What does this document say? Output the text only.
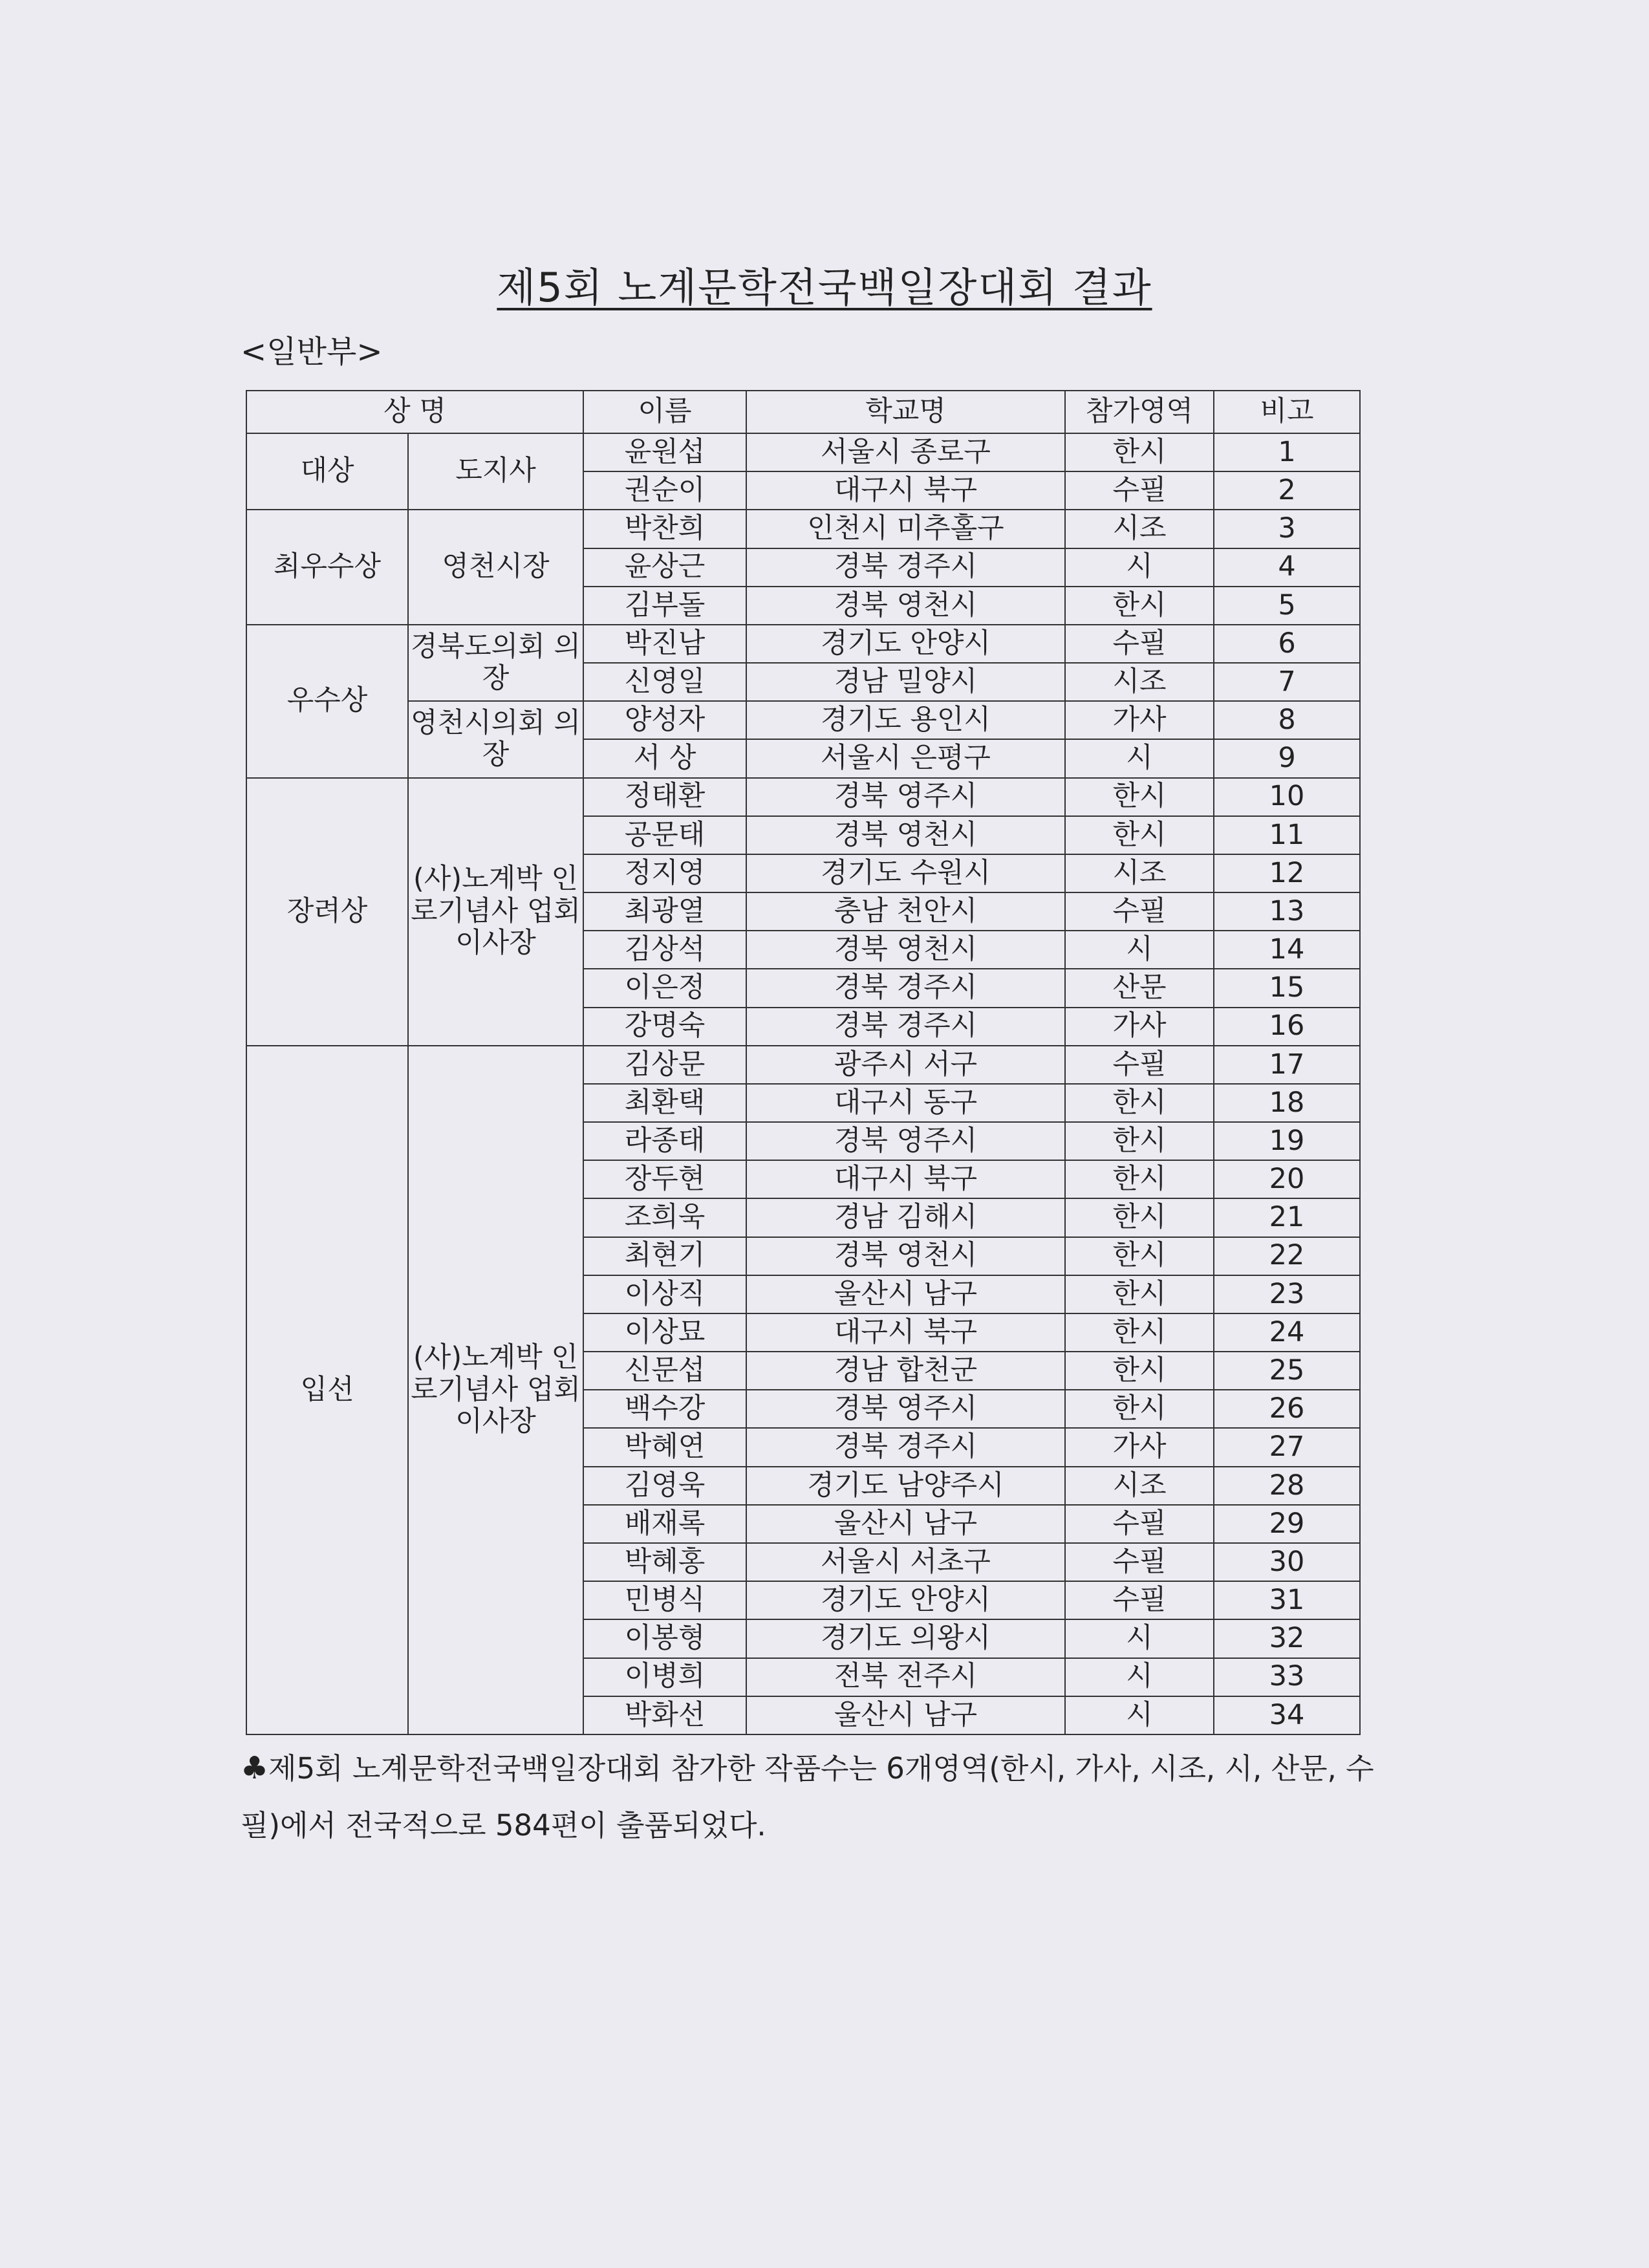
제5회 노계문학전국백일장대회 결과
<일반부>
상 명		이름	학교명	참가영역	비고
대상	도지사	윤원섭	서울시 종로구	한시	1
		권순이	대구시 북구	수필	2
최우수상	영천시장	박찬희	인천시 미추홀구	시조	3
		윤상근	경북 경주시	시	4
		김부돌	경북 영천시	한시	5
우수상	경북도의회 의장	박진남	경기도 안양시	수필	6
		신영일	경남 밀양시	시조	7
	영천시의회 의장	양성자	경기도 용인시	가사	8
		서 상	서울시 은평구	시	9
장려상	(사)노계박 인로기념사 업회이사장	정태환	경북 영주시	한시	10
		공문태	경북 영천시	한시	11
		정지영	경기도 수원시	시조	12
		최광열	충남 천안시	수필	13
		김상석	경북 영천시	시	14
		이은정	경북 경주시	산문	15
		강명숙	경북 경주시	가사	16
입선	(사)노계박 인로기념사 업회이사장	김상문	광주시 서구	수필	17
		최환택	대구시 동구	한시	18
		라종태	경북 영주시	한시	19
		장두현	대구시 북구	한시	20
		조희욱	경남 김해시	한시	21
		최현기	경북 영천시	한시	22
		이상직	울산시 남구	한시	23
		이상묘	대구시 북구	한시	24
		신문섭	경남 합천군	한시	25
		백수강	경북 영주시	한시	26
		박혜연	경북 경주시	가사	27
		김영욱	경기도 남양주시	시조	28
		배재록	울산시 남구	수필	29
		박혜홍	서울시 서초구	수필	30
		민병식	경기도 안양시	수필	31
		이봉형	경기도 의왕시	시	32
		이병희	전북 전주시	시	33
		박화선	울산시 남구	시	34
♣제5회 노계문학전국백일장대회 참가한 작품수는 6개영역(한시, 가사, 시조, 시, 산문, 수필)에서 전국적으로 584편이 출품되었다.
